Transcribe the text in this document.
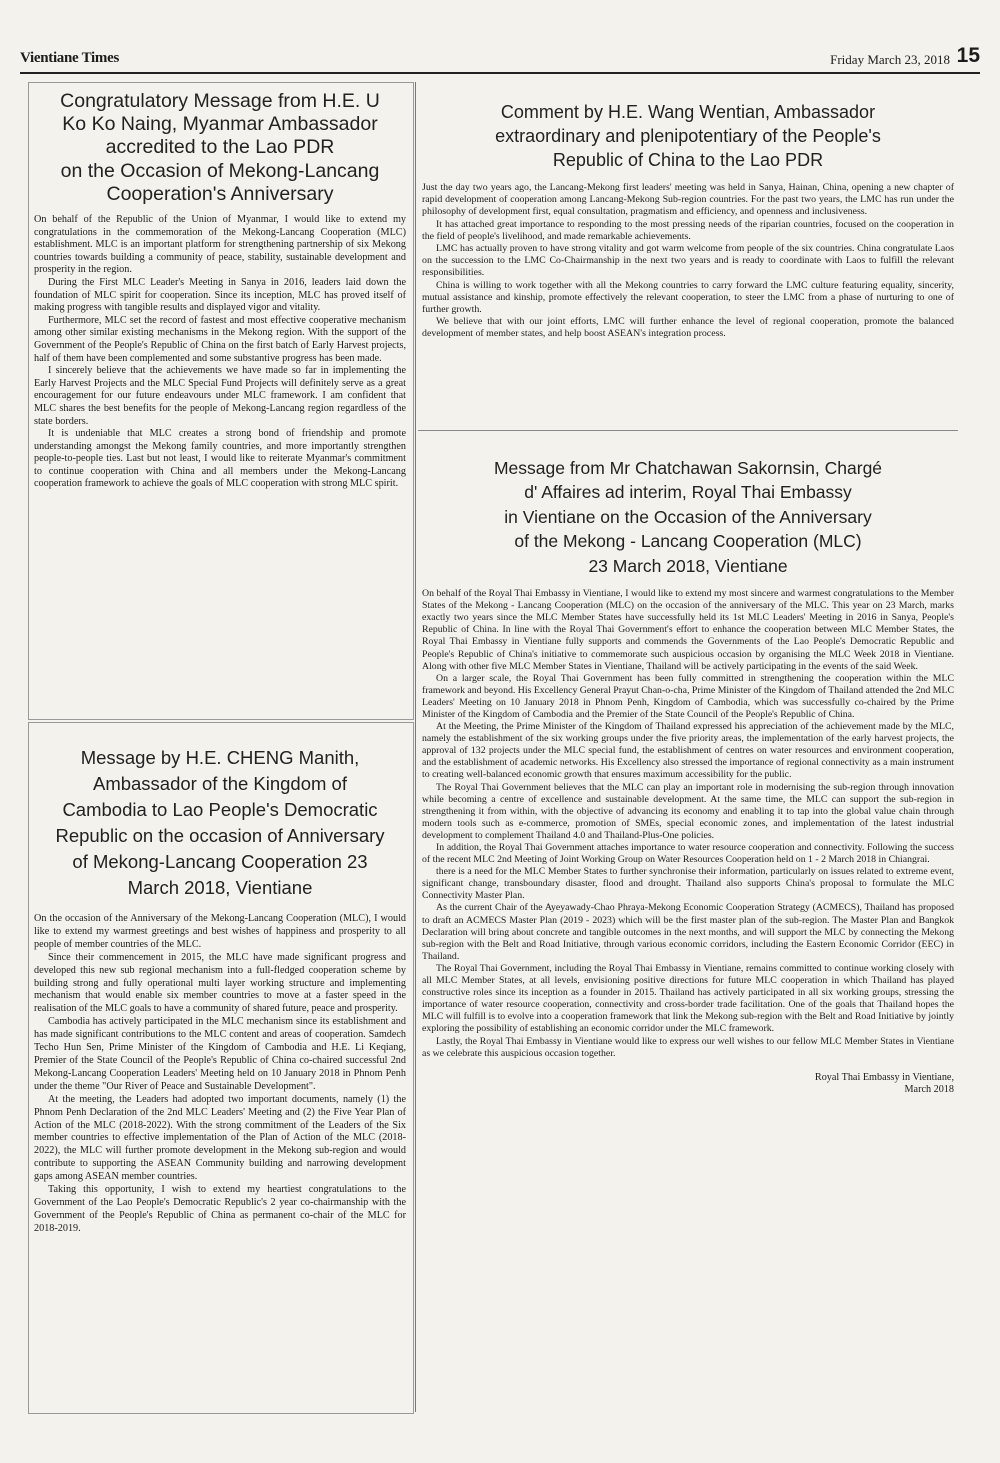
Vientiane Times	Friday March 23, 2018 15
Congratulatory Message from H.E. U
Ko Ko Naing, Myanmar Ambassador
accredited to the Lao PDR
on the Occasion of Mekong-Lancang
Cooperation's Anniversary

On behalf of the Republic of the Union of Myanmar, I would like to extend my congratulations in the commemoration of the Mekong-Lancang Cooperation (MLC) establishment. MLC is an important platform for strengthening partnership of six Mekong countries towards building a community of peace, stability, sustainable development and prosperity in the region.

During the First MLC Leader's Meeting in Sanya in 2016, leaders laid down the foundation of MLC spirit for cooperation. Since its inception, MLC has proved itself of making progress with tangible results and displayed vigor and vitality.

Furthermore, MLC set the record of fastest and most effective cooperative mechanism among other similar existing mechanisms in the Mekong region. With the support of the Government of the People's Republic of China on the first batch of Early Harvest projects, half of them have been complemented and some substantive progress has been made.

I sincerely believe that the achievements we have made so far in implementing the Early Harvest Projects and the MLC Special Fund Projects will definitely serve as a great encouragement for our future endeavours under MLC framework. I am confident that MLC shares the best benefits for the people of Mekong-Lancang region regardless of the state borders.

It is undeniable that MLC creates a strong bond of friendship and promote understanding amongst the Mekong family countries, and more importantly strengthen people-to-people ties. Last but not least, I would like to reiterate Myanmar's commitment to continue cooperation with China and all members under the Mekong-Lancang cooperation framework to achieve the goals of MLC cooperation with strong MLC spirit.

Message by H.E. CHENG Manith,
Ambassador of the Kingdom of
Cambodia to Lao People's Democratic
Republic on the occasion of Anniversary
of Mekong-Lancang Cooperation 23
March 2018, Vientiane

On the occasion of the Anniversary of the Mekong-Lancang Cooperation (MLC), I would like to extend my warmest greetings and best wishes of happiness and prosperity to all people of member countries of the MLC.

Since their commencement in 2015, the MLC have made significant progress and developed this new sub regional mechanism into a full-fledged cooperation scheme by building strong and fully operational multi layer working structure and implementing mechanism that would enable six member countries to move at a faster speed in the realisation of the MLC goals to have a community of shared future, peace and prosperity.

Cambodia has actively participated in the MLC mechanism since its establishment and has made significant contributions to the MLC content and areas of cooperation. Samdech Techo Hun Sen, Prime Minister of the Kingdom of Cambodia and H.E. Li Keqiang, Premier of the State Council of the People's Republic of China co-chaired successful 2nd Mekong-Lancang Cooperation Leaders' Meeting held on 10 January 2018 in Phnom Penh under the theme "Our River of Peace and Sustainable Development".

At the meeting, the Leaders had adopted two important documents, namely (1) the Phnom Penh Declaration of the 2nd MLC Leaders' Meeting and (2) the Five Year Plan of Action of the MLC (2018-2022). With the strong commitment of the Leaders of the Six member countries to effective implementation of the Plan of Action of the MLC (2018-2022), the MLC will further promote development in the Mekong sub-region and would contribute to supporting the ASEAN Community building and narrowing development gaps among ASEAN member countries.

Taking this opportunity, I wish to extend my heartiest congratulations to the Government of the Lao People's Democratic Republic's 2 year co-chairmanship with the Government of the People's Republic of China as permanent co-chair of the MLC for 2018-2019.

Comment by H.E. Wang Wentian, Ambassador
extraordinary and plenipotentiary of the People's
Republic of China to the Lao PDR

Just the day two years ago, the Lancang-Mekong first leaders' meeting was held in Sanya, Hainan, China, opening a new chapter of rapid development of cooperation among Lancang-Mekong Sub-region countries. For the past two years, the LMC has run under the philosophy of development first, equal consultation, pragmatism and efficiency, and openness and inclusiveness.

It has attached great importance to responding to the most pressing needs of the riparian countries, focused on the cooperation in the field of people's livelihood, and made remarkable achievements.

LMC has actually proven to have strong vitality and got warm welcome from people of the six countries. China congratulate Laos on the succession to the LMC Co-Chairmanship in the next two years and is ready to coordinate with Laos to fulfill the relevant responsibilities.

China is willing to work together with all the Mekong countries to carry forward the LMC culture featuring equality, sincerity, mutual assistance and kinship, promote effectively the relevant cooperation, to steer the LMC from a phase of nurturing to one of further growth.

We believe that with our joint efforts, LMC will further enhance the level of regional cooperation, promote the balanced development of member states, and help boost ASEAN's integration process.

Message from Mr Chatchawan Sakornsin, Chargé
d' Affaires ad interim, Royal Thai Embassy
in Vientiane on the Occasion of the Anniversary
of the Mekong - Lancang Cooperation (MLC)
23 March 2018, Vientiane

On behalf of the Royal Thai Embassy in Vientiane, I would like to extend my most sincere and warmest congratulations to the Member States of the Mekong - Lancang Cooperation (MLC) on the occasion of the anniversary of the MLC. This year on 23 March, marks exactly two years since the MLC Member States have successfully held its 1st MLC Leaders' Meeting in 2016 in Sanya, People's Republic of China. In line with the Royal Thai Government's effort to enhance the cooperation between MLC Member States, the Royal Thai Embassy in Vientiane fully supports and commends the Governments of the Lao People's Democratic Republic and People's Republic of China's initiative to commemorate such auspicious occasion by organising the MLC Week 2018 in Vientiane. Along with other five MLC Member States in Vientiane, Thailand will be actively participating in the events of the said Week.

On a larger scale, the Royal Thai Government has been fully committed in strengthening the cooperation within the MLC framework and beyond. His Excellency General Prayut Chan-o-cha, Prime Minister of the Kingdom of Thailand attended the 2nd MLC Leaders' Meeting on 10 January 2018 in Phnom Penh, Kingdom of Cambodia, which was successfully co-chaired by the Prime Minister of the Kingdom of Cambodia and the Premier of the State Council of the People's Republic of China.

At the Meeting, the Prime Minister of the Kingdom of Thailand expressed his appreciation of the achievement made by the MLC, namely the establishment of the six working groups under the five priority areas, the implementation of the early harvest projects, the approval of 132 projects under the MLC special fund, the establishment of centres on water resources and environment cooperation, and the establishment of academic networks. His Excellency also stressed the importance of regional connectivity as a main instrument to creating well-balanced economic growth that ensures maximum accessibility for the public.

The Royal Thai Government believes that the MLC can play an important role in modernising the sub-region through innovation while becoming a centre of excellence and sustainable development. At the same time, the MLC can support the sub-region in strengthening it from within, with the objective of advancing its economy and enabling it to tap into the global value chain through modern tools such as e-commerce, promotion of SMEs, special economic zones, and implementation of the latest industrial development to complement Thailand 4.0 and Thailand-Plus-One policies.

In addition, the Royal Thai Government attaches importance to water resource cooperation and connectivity. Following the success of the recent MLC 2nd Meeting of Joint Working Group on Water Resources Cooperation held on 1 - 2 March 2018 in Chiangrai.

there is a need for the MLC Member States to further synchronise their information, particularly on issues related to extreme event, significant change, transboundary disaster, flood and drought. Thailand also supports China's proposal to formulate the MLC Connectivity Master Plan.

As the current Chair of the Ayeyawady-Chao Phraya-Mekong Economic Cooperation Strategy (ACMECS), Thailand has proposed to draft an ACMECS Master Plan (2019 - 2023) which will be the first master plan of the sub-region. The Master Plan and Bangkok Declaration will bring about concrete and tangible outcomes in the next months, and will support the MLC by connecting the Mekong sub-region with the Belt and Road Initiative, through various economic corridors, including the Eastern Economic Corridor (EEC) in Thailand.

The Royal Thai Government, including the Royal Thai Embassy in Vientiane, remains committed to continue working closely with all MLC Member States, at all levels, envisioning positive directions for future MLC cooperation in which Thailand has played constructive roles since its inception as a founder in 2015. Thailand has actively participated in all six working groups, stressing the importance of water resource cooperation, connectivity and cross-border trade facilitation. One of the goals that Thailand hopes the MLC will fulfill is to evolve into a cooperation framework that link the Mekong sub-region with the Belt and Road Initiative by jointly exploring the possibility of establishing an economic corridor under the MLC framework.

Lastly, the Royal Thai Embassy in Vientiane would like to express our well wishes to our fellow MLC Member States in Vientiane as we celebrate this auspicious occasion together.

Royal Thai Embassy in Vientiane,
March 2018
